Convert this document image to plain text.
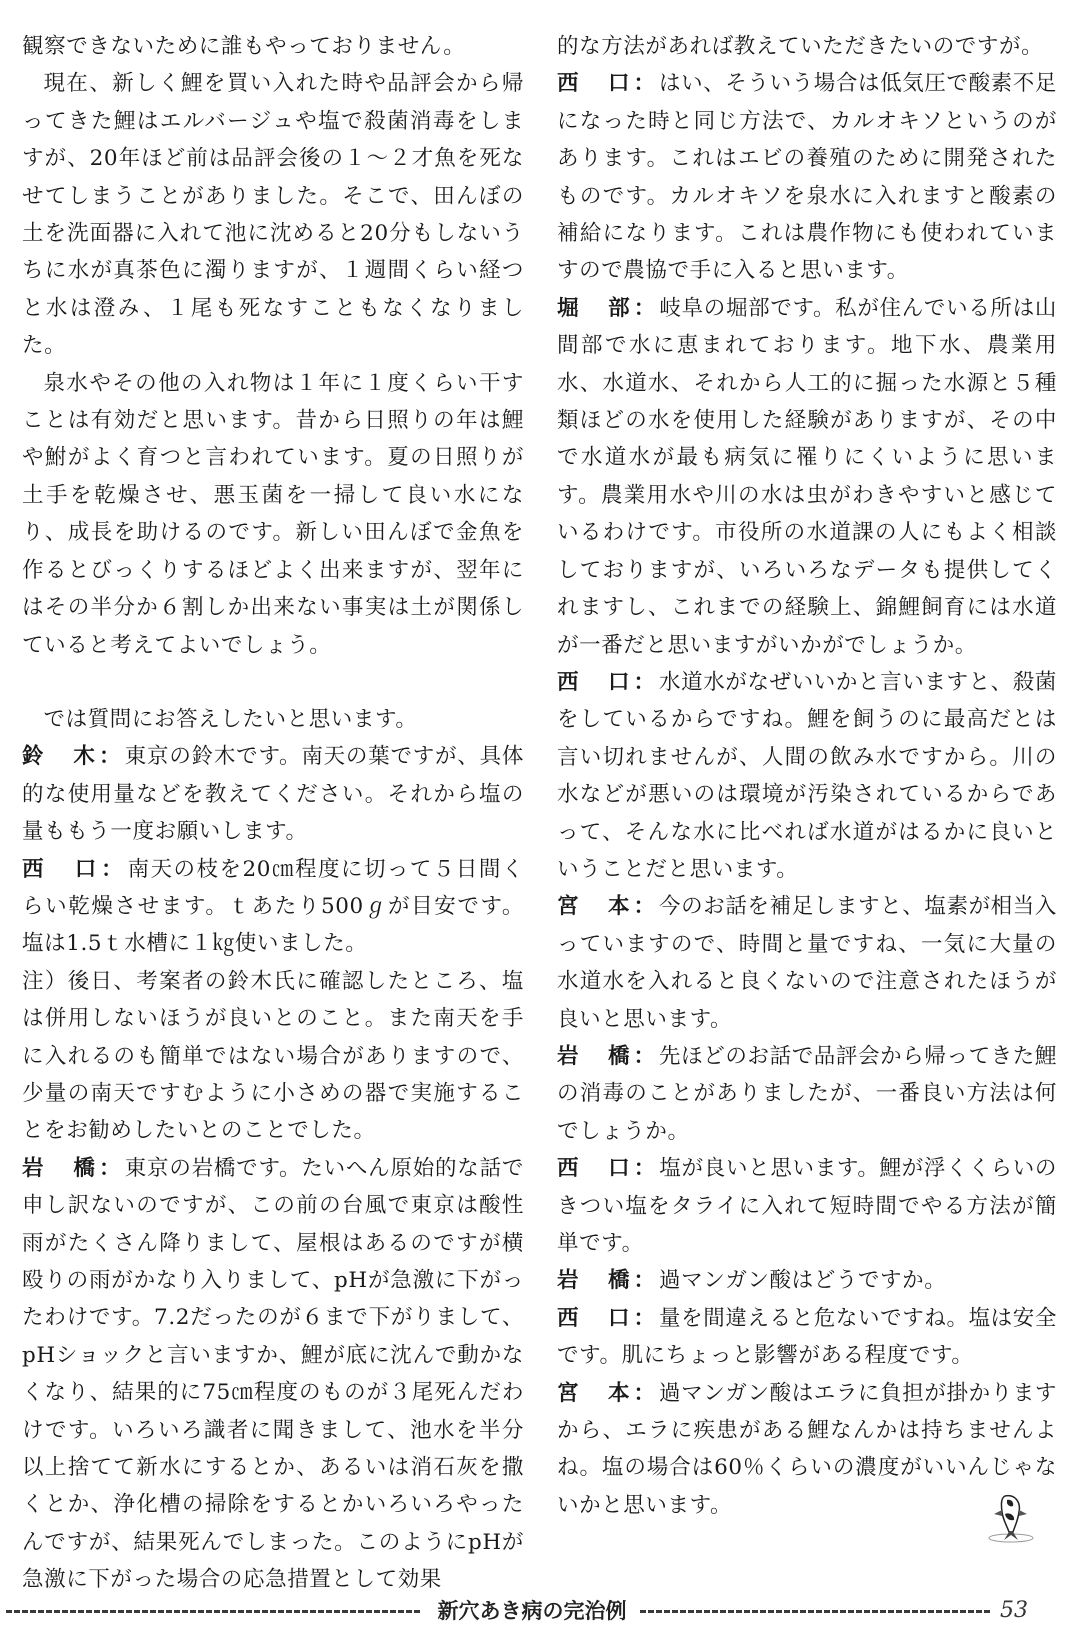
観察できないために誰もやっておりません。

現在、新しく鯉を買い入れた時や品評会から帰ってきた鯉はエルバージュや塩で殺菌消毒をしますが、20年ほど前は品評会後の１～２才魚を死なせてしまうことがありました。そこで、田んぼの土を洗面器に入れて池に沈めると20分もしないうちに水が真茶色に濁りますが、１週間くらい経つと水は澄み、１尾も死なすこともなくなりました。

泉水やその他の入れ物は１年に１度くらい干すことは有効だと思います。昔から日照りの年は鯉や鮒がよく育つと言われています。夏の日照りが土手を乾燥させ、悪玉菌を一掃して良い水になり、成長を助けるのです。新しい田んぼで金魚を作るとびっくりするほどよく出来ますが、翌年にはその半分か６割しか出来ない事実は土が関係していると考えてよいでしょう。

では質問にお答えしたいと思います。

鈴　木：東京の鈴木です。南天の葉ですが、具体的な使用量などを教えてください。それから塩の量ももう一度お願いします。

西　口：南天の枝を20㎝程度に切って５日間くらい乾燥させます。ｔあたり500ℊが目安です。塩は1.5ｔ水槽に１㎏使いました。

注）後日、考案者の鈴木氏に確認したところ、塩は併用しないほうが良いとのこと。また南天を手に入れるのも簡単ではない場合がありますので、少量の南天ですむように小さめの器で実施することをお勧めしたいとのことでした。

岩　橋：東京の岩橋です。たいへん原始的な話で申し訳ないのですが、この前の台風で東京は酸性雨がたくさん降りまして、屋根はあるのですが横殴りの雨がかなり入りまして、pHが急激に下がったわけです。7.2だったのが６まで下がりまして、pHショックと言いますか、鯉が底に沈んで動かなくなり、結果的に75㎝程度のものが３尾死んだわけです。いろいろ識者に聞きまして、池水を半分以上捨てて新水にするとか、あるいは消石灰を撒くとか、浄化槽の掃除をするとかいろいろやったんですが、結果死んでしまった。このようにpHが急激に下がった場合の応急措置として効果

的な方法があれば教えていただきたいのですが。

西　口：はい、そういう場合は低気圧で酸素不足になった時と同じ方法で、カルオキソというのがあります。これはエビの養殖のために開発されたものです。カルオキソを泉水に入れますと酸素の補給になります。これは農作物にも使われていますので農協で手に入ると思います。

堀　部：岐阜の堀部です。私が住んでいる所は山間部で水に恵まれております。地下水、農業用水、水道水、それから人工的に掘った水源と５種類ほどの水を使用した経験がありますが、その中で水道水が最も病気に罹りにくいように思います。農業用水や川の水は虫がわきやすいと感じているわけです。市役所の水道課の人にもよく相談しておりますが、いろいろなデータも提供してくれますし、これまでの経験上、錦鯉飼育には水道が一番だと思いますがいかがでしょうか。

西　口：水道水がなぜいいかと言いますと、殺菌をしているからですね。鯉を飼うのに最高だとは言い切れませんが、人間の飲み水ですから。川の水などが悪いのは環境が汚染されているからであって、そんな水に比べれば水道がはるかに良いということだと思います。

宮　本：今のお話を補足しますと、塩素が相当入っていますので、時間と量ですね、一気に大量の水道水を入れると良くないので注意されたほうが良いと思います。

岩　橋：先ほどのお話で品評会から帰ってきた鯉の消毒のことがありましたが、一番良い方法は何でしょうか。

西　口：塩が良いと思います。鯉が浮くくらいのきつい塩をタライに入れて短時間でやる方法が簡単です。

岩　橋：過マンガン酸はどうですか。

西　口：量を間違えると危ないですね。塩は安全です。肌にちょっと影響がある程度です。

宮　本：過マンガン酸はエラに負担が掛かりますから、エラに疾患がある鯉なんかは持ちませんよね。塩の場合は60％くらいの濃度がいいんじゃないかと思います。

新穴あき病の完治例	53
